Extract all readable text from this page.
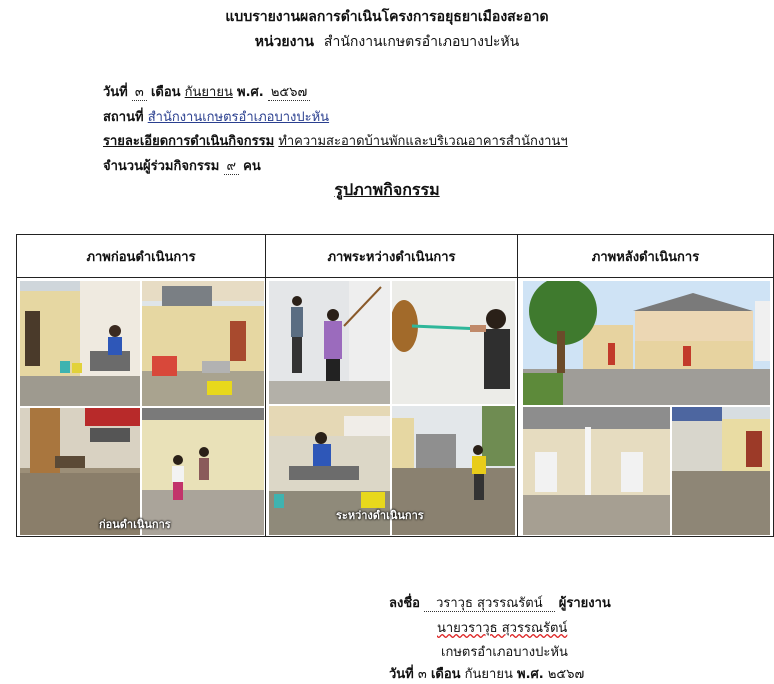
แบบรายงานผลการดำเนินโครงการอยุธยาเมืองสะอาด
หน่วยงาน สำนักงานเกษตรอำเภอบางปะหัน
วันที่ ๓ เดือน กันยายน พ.ศ. ๒๕๖๗
สถานที่ สำนักงานเกษตรอำเภอบางปะหัน
รายละเอียดการดำเนินกิจกรรม ทำความสะอาดบ้านพักและบริเวณอาคารสำนักงานฯ
จำนวนผู้ร่วมกิจกรรม ๙ คน
รูปภาพกิจกรรม
ภาพก่อนดำเนินการ	ภาพระหว่างดำเนินการ	ภาพหลังดำเนินการ

ก่อนดำเนินการ	ระหว่างดำเนินการ

ลงชื่อ วราวุธ สุวรรณรัตน์ ผู้รายงาน
นายวราวุธ สุวรรณรัตน์
เกษตรอำเภอบางปะหัน
วันที่ ๓ เดือน กันยายน พ.ศ. ๒๕๖๗
